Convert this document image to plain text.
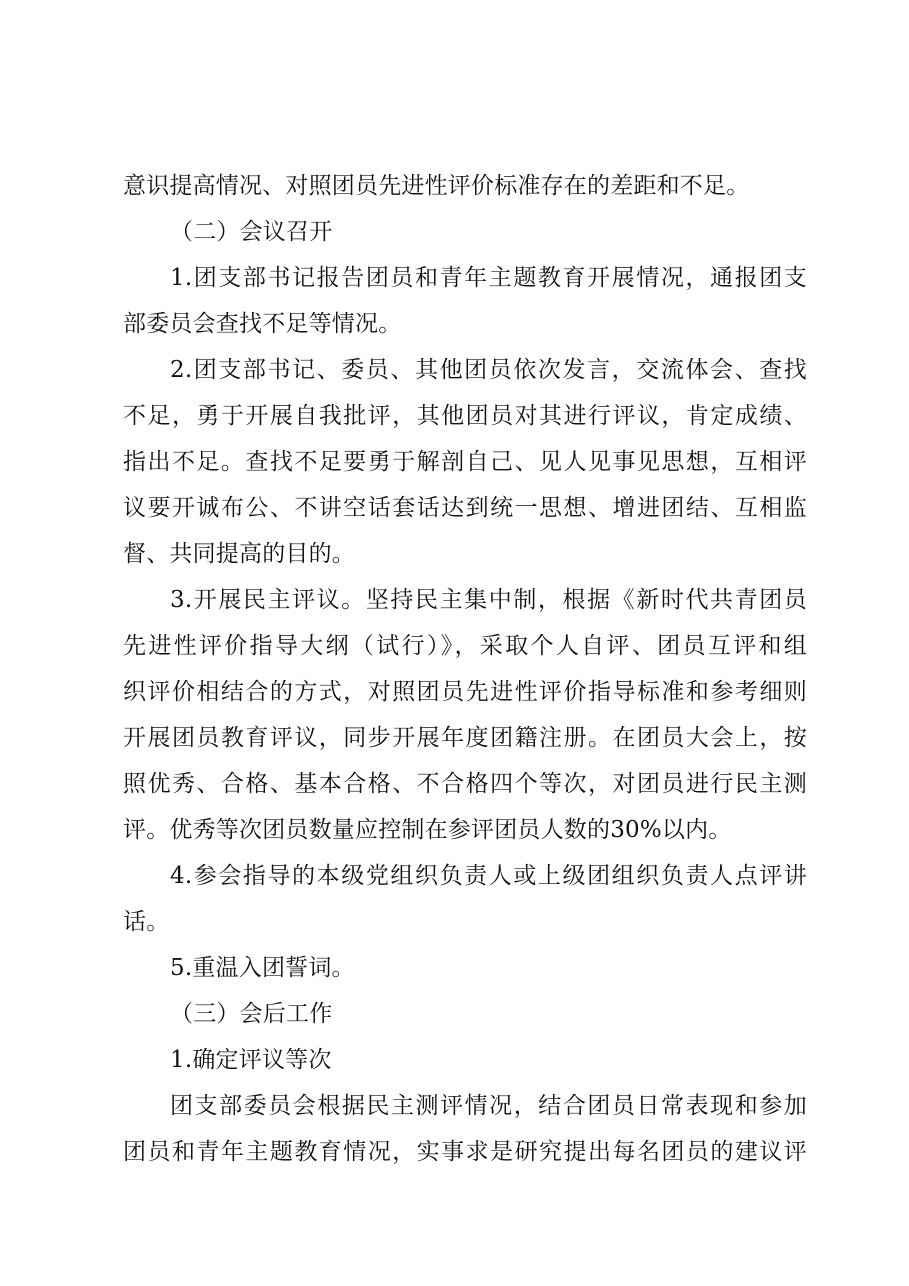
意识提高情况、对照团员先进性评价标准存在的差距和不足。
（二）会议召开
1.团支部书记报告团员和青年主题教育开展情况，通报团支
部委员会查找不足等情况。
2.团支部书记、委员、其他团员依次发言，交流体会、查找
不足，勇于开展自我批评，其他团员对其进行评议，肯定成绩、
指出不足。查找不足要勇于解剖自己、见人见事见思想，互相评
议要开诚布公、不讲空话套话达到统一思想、增进团结、互相监
督、共同提高的目的。
3.开展民主评议。坚持民主集中制，根据《新时代共青团员
先进性评价指导大纲（试行）》，采取个人自评、团员互评和组
织评价相结合的方式，对照团员先进性评价指导标准和参考细则
开展团员教育评议，同步开展年度团籍注册。在团员大会上，按
照优秀、合格、基本合格、不合格四个等次，对团员进行民主测
评。优秀等次团员数量应控制在参评团员人数的30%以内。
4.参会指导的本级党组织负责人或上级团组织负责人点评讲
话。
5.重温入团誓词。
（三）会后工作
1.确定评议等次
团支部委员会根据民主测评情况，结合团员日常表现和参加
团员和青年主题教育情况，实事求是研究提出每名团员的建议评
